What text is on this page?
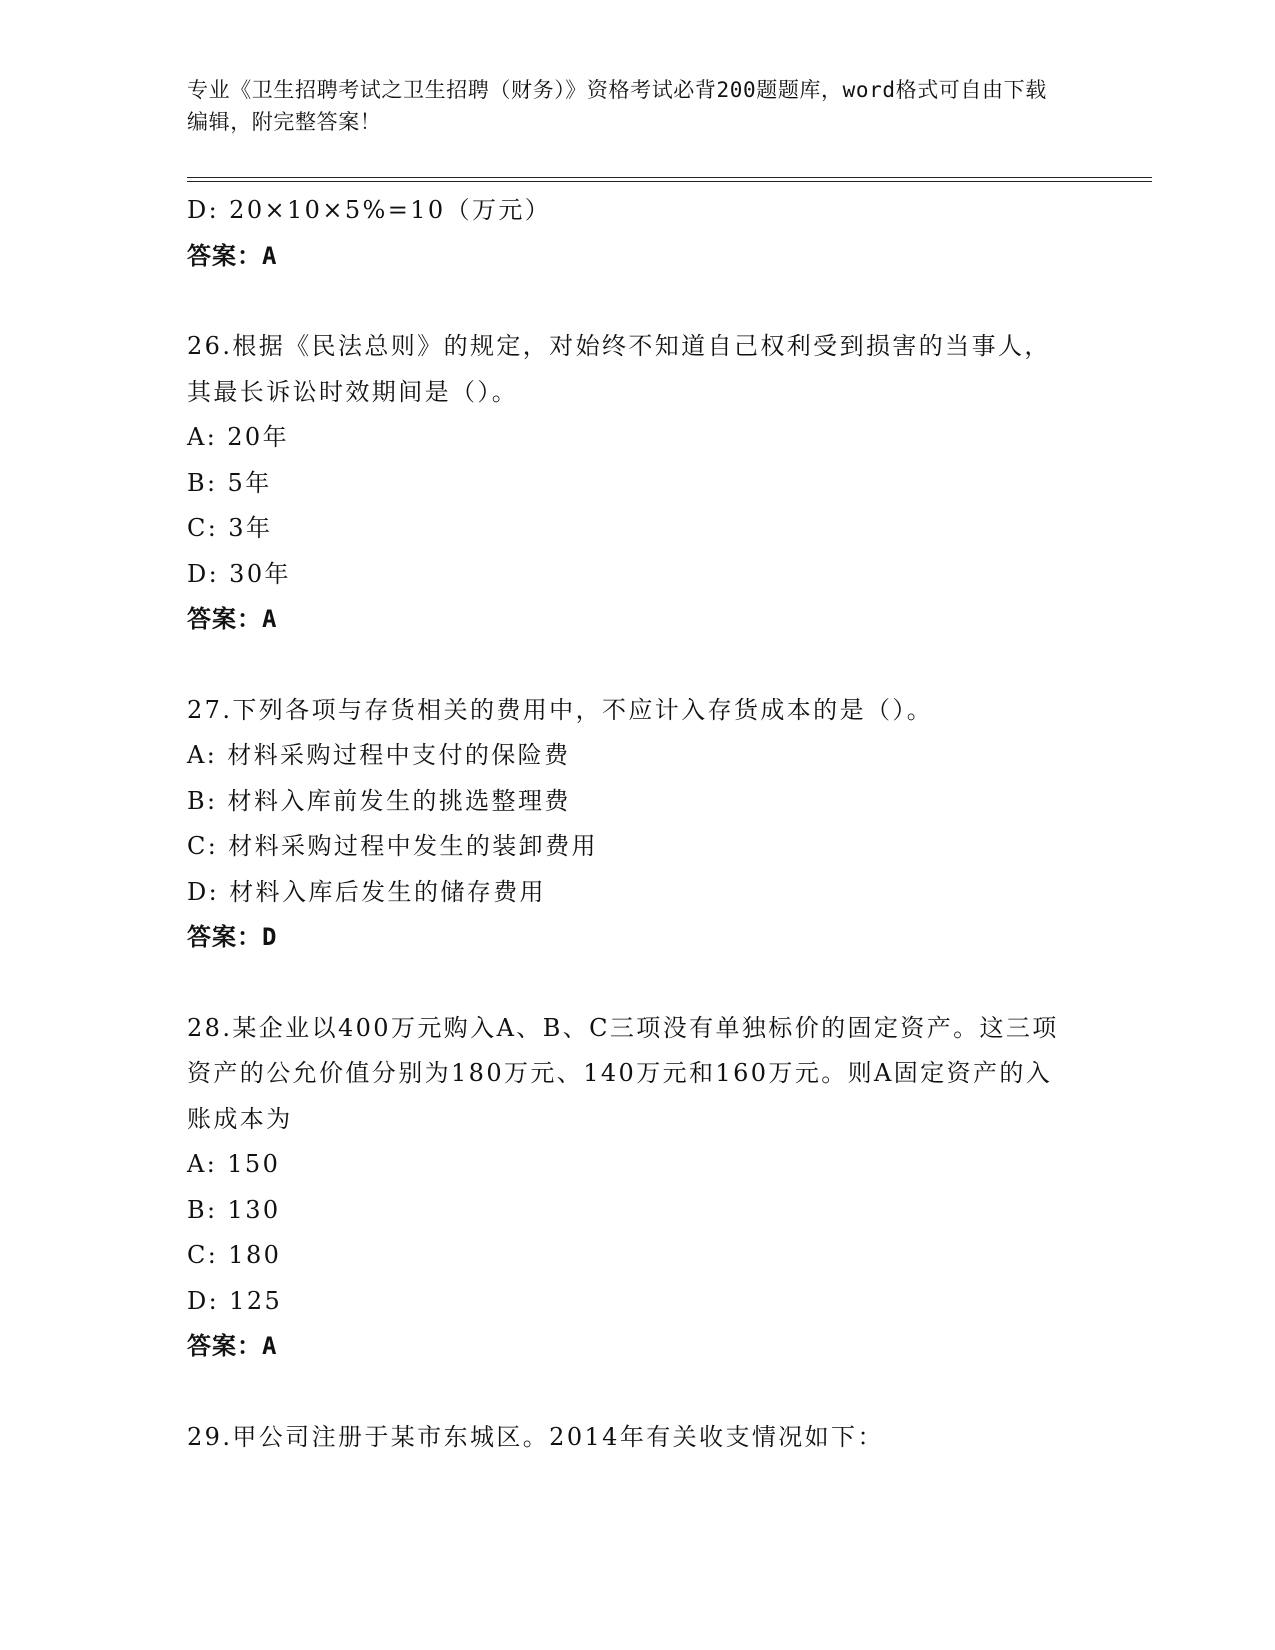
专业《卫生招聘考试之卫生招聘（财务）》资格考试必背200题题库，word格式可自由下载编辑，附完整答案！
D: 20×10×5%=10（万元）
答案：A
26.根据《民法总则》的规定，对始终不知道自己权利受到损害的当事人，其最长诉讼时效期间是（）。
A: 20年
B: 5年
C: 3年
D: 30年
答案：A
27.下列各项与存货相关的费用中，不应计入存货成本的是（）。
A: 材料采购过程中支付的保险费
B: 材料入库前发生的挑选整理费
C: 材料采购过程中发生的装卸费用
D: 材料入库后发生的储存费用
答案：D
28.某企业以400万元购入A、B、C三项没有单独标价的固定资产。这三项资产的公允价值分别为180万元、140万元和160万元。则A固定资产的入账成本为
A: 150
B: 130
C: 180
D: 125
答案：A
29.甲公司注册于某市东城区。2014年有关收支情况如下：
